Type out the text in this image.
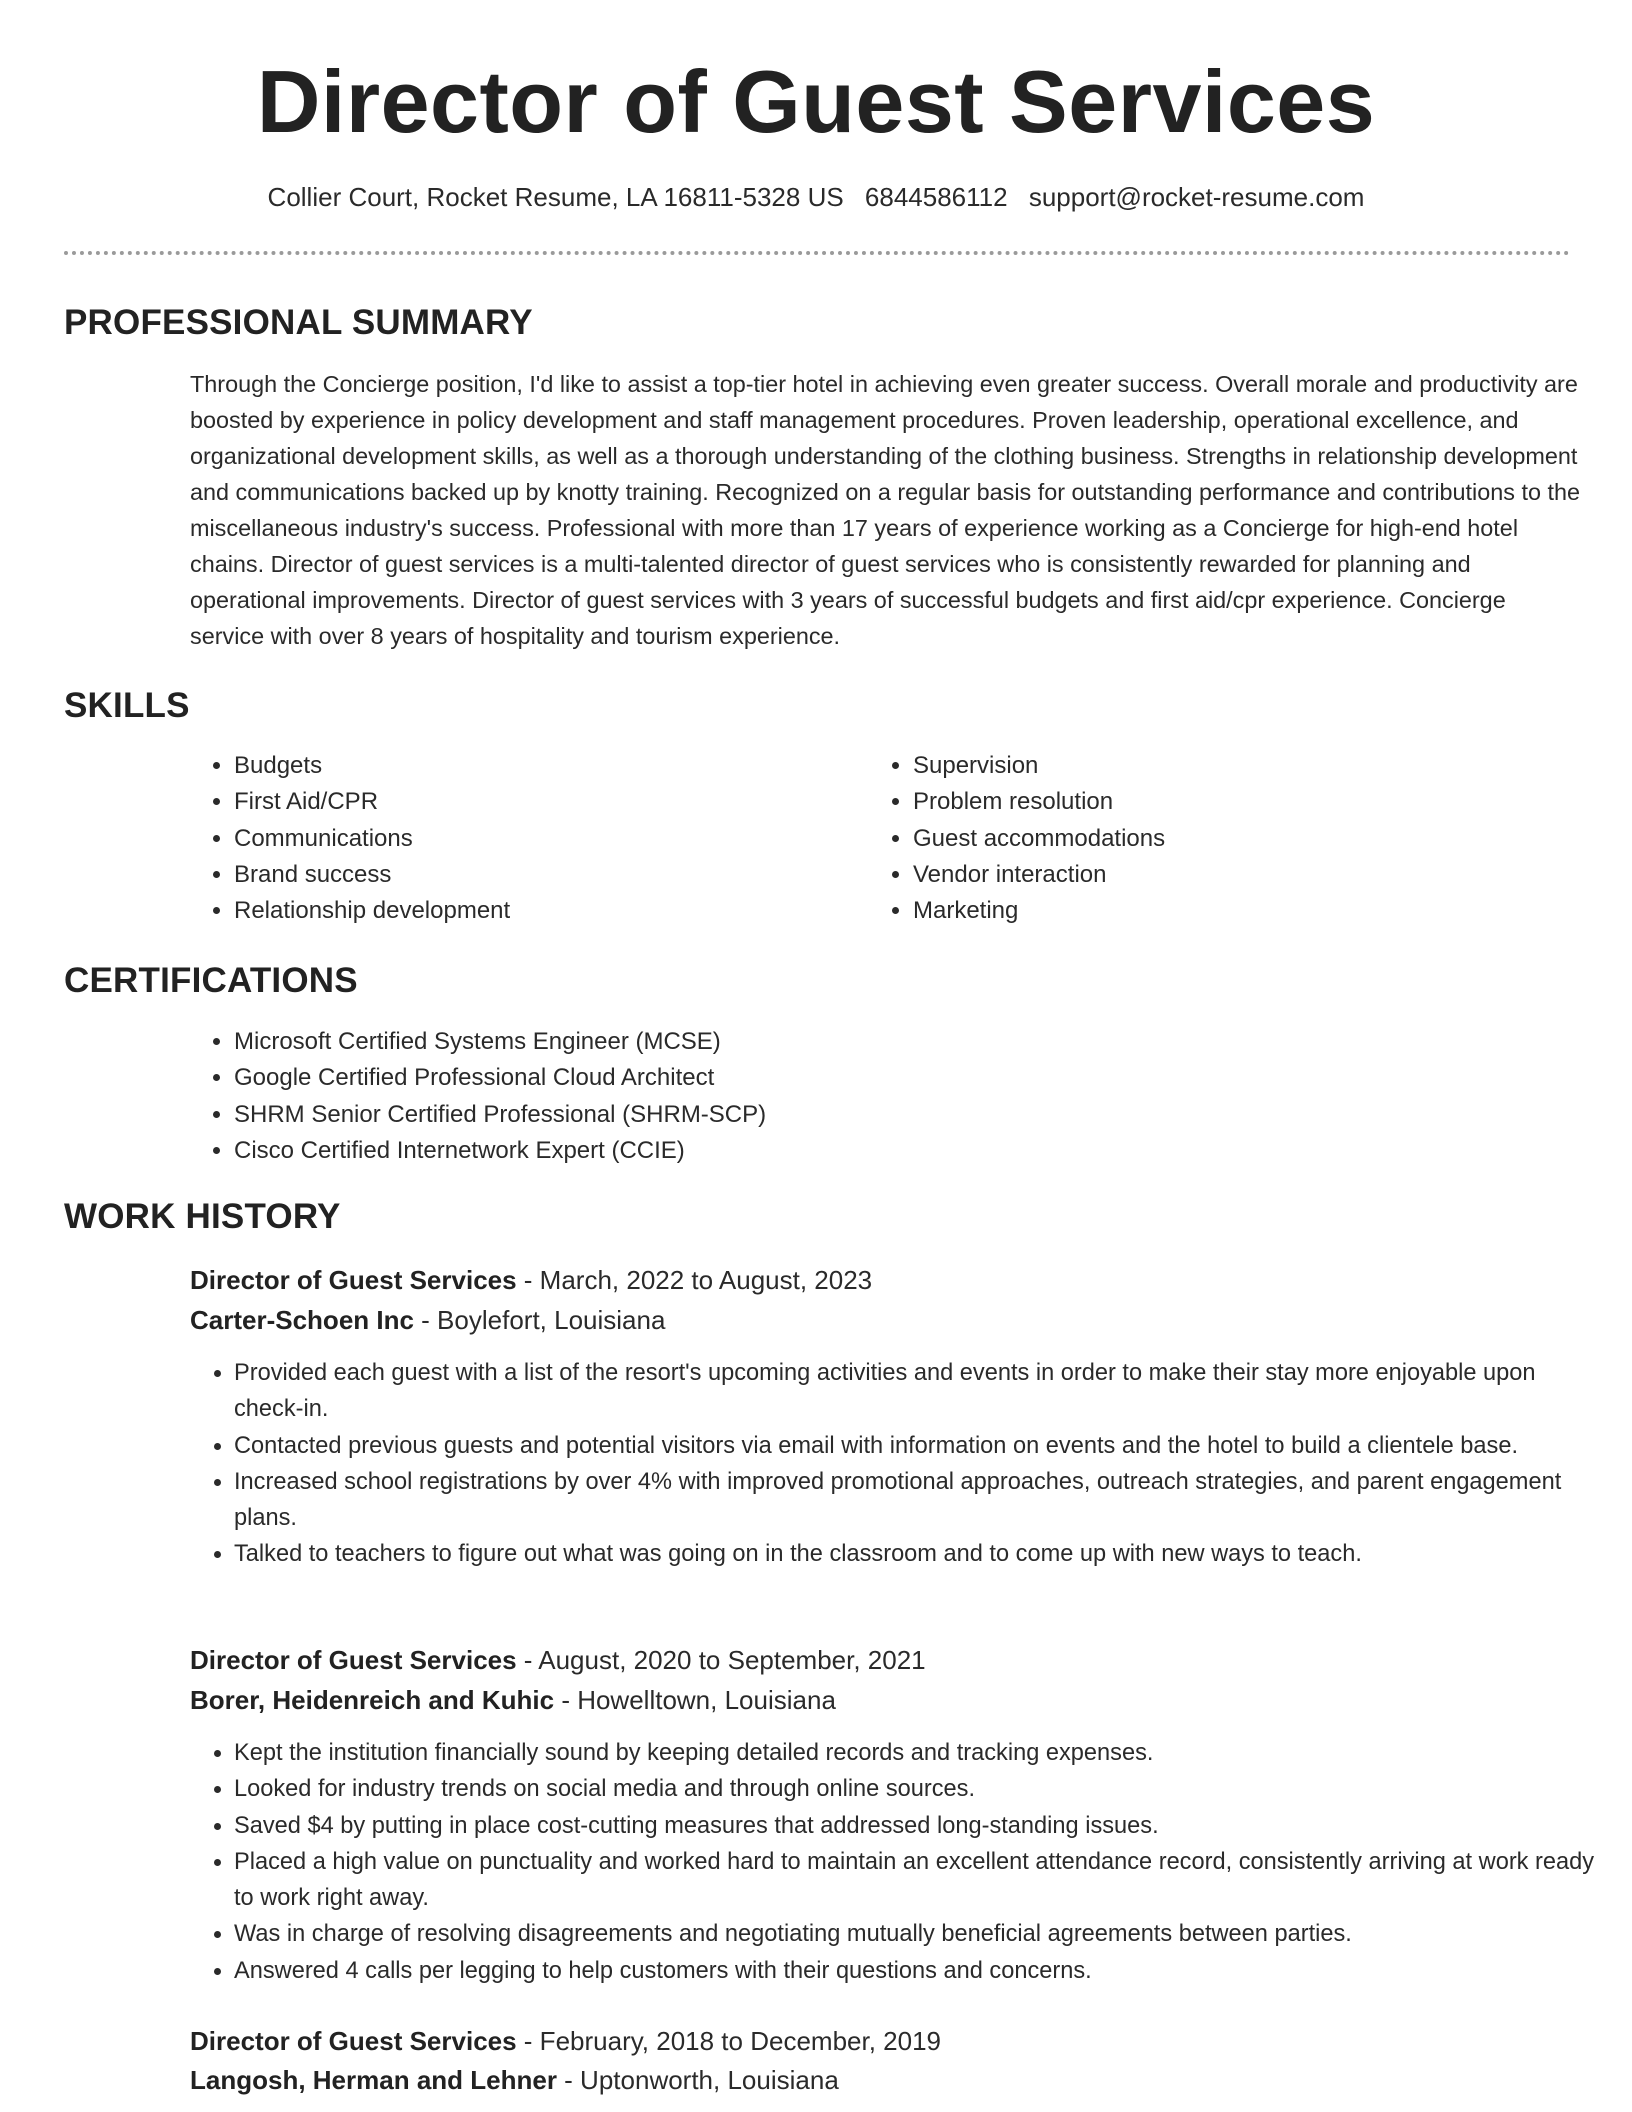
Director of Guest Services
Collier Court, Rocket Resume, LA 16811-5328 US 6844586112 support@rocket-resume.com
PROFESSIONAL SUMMARY

Through the Concierge position, I'd like to assist a top-tier hotel in achieving even greater success. Overall morale and productivity are boosted by experience in policy development and staff management procedures. Proven leadership, operational excellence, and organizational development skills, as well as a thorough understanding of the clothing business. Strengths in relationship development and communications backed up by knotty training. Recognized on a regular basis for outstanding performance and contributions to the miscellaneous industry's success. Professional with more than 17 years of experience working as a Concierge for high-end hotel chains. Director of guest services is a multi-talented director of guest services who is consistently rewarded for planning and operational improvements. Director of guest services with 3 years of successful budgets and first aid/cpr experience. Concierge service with over 8 years of hospitality and tourism experience.

SKILLS
• Budgets
• First Aid/CPR
• Communications
• Brand success
• Relationship development
• Supervision
• Problem resolution
• Guest accommodations
• Vendor interaction
• Marketing
CERTIFICATIONS
• Microsoft Certified Systems Engineer (MCSE)
• Google Certified Professional Cloud Architect
• SHRM Senior Certified Professional (SHRM-SCP)
• Cisco Certified Internetwork Expert (CCIE)
WORK HISTORY
Director of Guest Services - March, 2022 to August, 2023
Carter-Schoen Inc - Boylefort, Louisiana
• Provided each guest with a list of the resort's upcoming activities and events in order to make their stay more enjoyable upon check-in.
• Contacted previous guests and potential visitors via email with information on events and the hotel to build a clientele base.
• Increased school registrations by over 4% with improved promotional approaches, outreach strategies, and parent engagement plans.
• Talked to teachers to figure out what was going on in the classroom and to come up with new ways to teach.
Director of Guest Services - August, 2020 to September, 2021
Borer, Heidenreich and Kuhic - Howelltown, Louisiana
• Kept the institution financially sound by keeping detailed records and tracking expenses.
• Looked for industry trends on social media and through online sources.
• Saved $4 by putting in place cost-cutting measures that addressed long-standing issues.
• Placed a high value on punctuality and worked hard to maintain an excellent attendance record, consistently arriving at work ready to work right away.
• Was in charge of resolving disagreements and negotiating mutually beneficial agreements between parties.
• Answered 4 calls per legging to help customers with their questions and concerns.
Director of Guest Services - February, 2018 to December, 2019
Langosh, Herman and Lehner - Uptonworth, Louisiana
